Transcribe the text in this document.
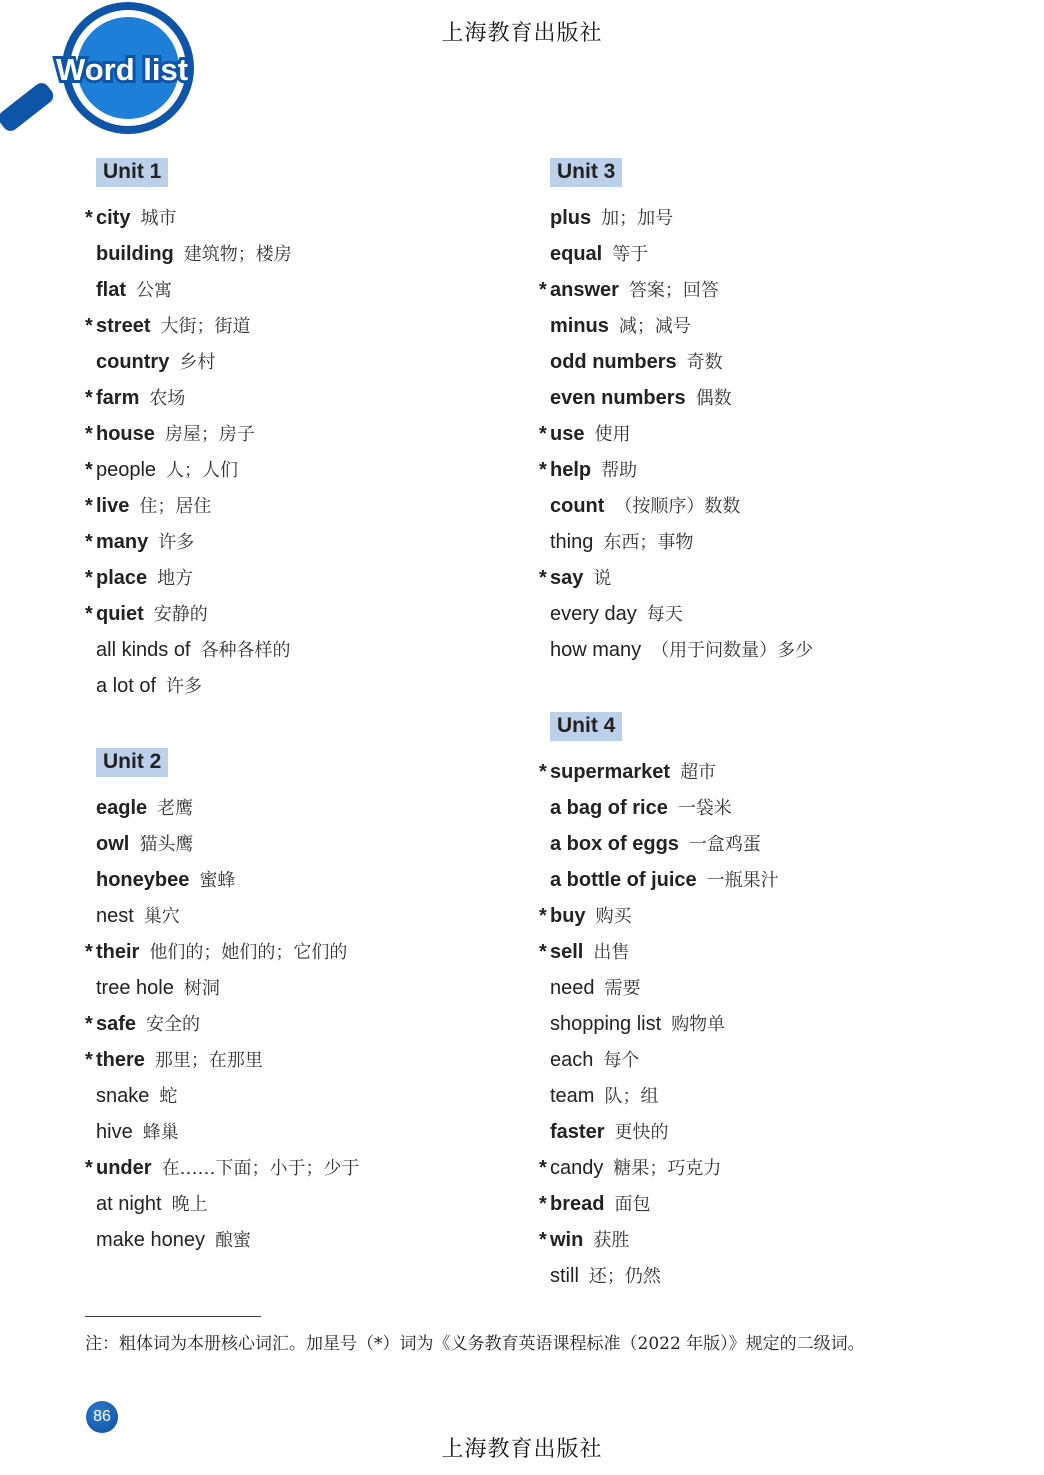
上海教育出版社
Word list
Unit 1
* city 城市
building 建筑物；楼房
flat 公寓
* street 大街；街道
country 乡村
* farm 农场
* house 房屋；房子
* people 人；人们
* live 住；居住
* many 许多
* place 地方
* quiet 安静的
all kinds of 各种各样的
a lot of 许多
Unit 2
eagle 老鹰
owl 猫头鹰
honeybee 蜜蜂
nest 巢穴
* their 他们的；她们的；它们的
tree hole 树洞
* safe 安全的
* there 那里；在那里
snake 蛇
hive 蜂巢
* under 在……下面；小于；少于
at night 晚上
make honey 酿蜜
Unit 3
plus 加；加号
equal 等于
* answer 答案；回答
minus 减；减号
odd numbers 奇数
even numbers 偶数
* use 使用
* help 帮助
count （按顺序）数数
thing 东西；事物
* say 说
every day 每天
how many （用于问数量）多少
Unit 4
* supermarket 超市
a bag of rice 一袋米
a box of eggs 一盒鸡蛋
a bottle of juice 一瓶果汁
* buy 购买
* sell 出售
need 需要
shopping list 购物单
each 每个
team 队；组
faster 更快的
* candy 糖果；巧克力
* bread 面包
* win 获胜
still 还；仍然
注：粗体词为本册核心词汇。加星号（*）词为《义务教育英语课程标准（2022 年版）》规定的二级词。
86
上海教育出版社
